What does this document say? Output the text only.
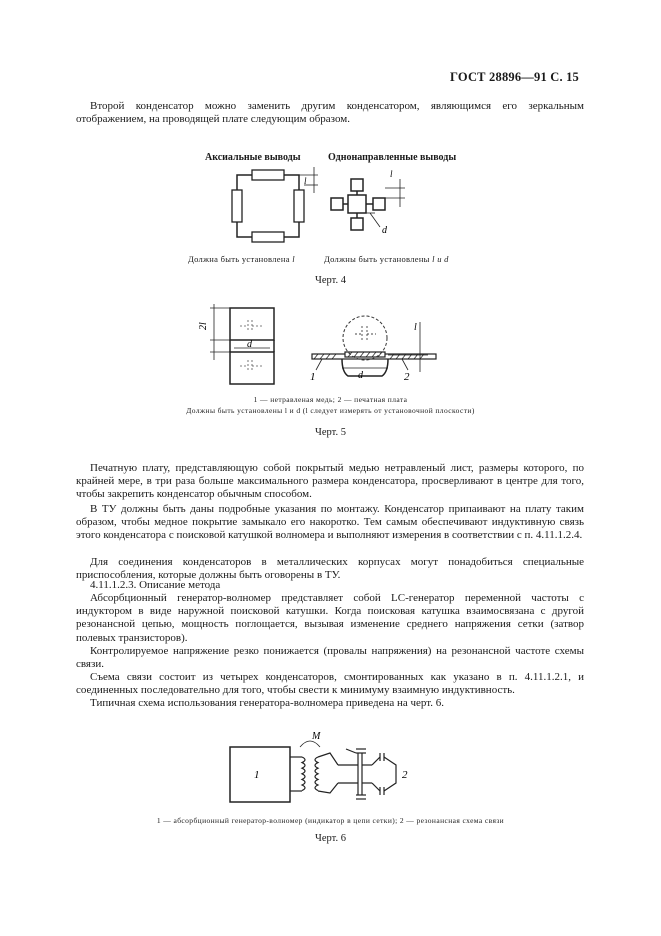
ГОСТ 28896—91 С. 15
Второй конденсатор можно заменить другим конденсатором, являющимся его зеркальным отображением, на проводящей плате следующим образом.
Аксиальные выводы	Однонаправленные выводы
l
l
d
Должна быть установлена l	Должны быть установлены l и d
Черт. 4
d
2l
d
l
1	2
1 — нетравленая медь; 2 — печатная плата
Должны быть установлены l и d (l следует измерять от установочной плоскости)
Черт. 5
Печатную плату, представляющую собой покрытый медью нетравленый лист, размеры которого, по крайней мере, в три раза больше максимального размера конденсатора, просверливают в центре для того, чтобы закрепить конденсатор обычным способом.
В ТУ должны быть даны подробные указания по монтажу. Конденсатор припаивают на плату таким образом, чтобы медное покрытие замыкало его накоротко. Тем самым обеспечивают индуктивную связь этого конденсатора с поисковой катушкой волномера и выполняют измерения в соответствии с п. 4.11.1.2.4.
Для соединения конденсаторов в металлических корпусах могут понадобиться специальные приспособления, которые должны быть оговорены в ТУ.
4.11.1.2.3. Описание метода
Абсорбционный генератор-волномер представляет собой LC-генератор переменной частоты с индуктором в виде наружной поисковой катушки. Когда поисковая катушка взаимосвязана с другой резонансной цепью, мощность поглощается, вызывая изменение среднего напряжения сетки (затвор полевых транзисторов).
Контролируемое напряжение резко понижается (провалы напряжения) на резонансной частоте схемы связи.
Съема связи состоит из четырех конденсаторов, смонтированных как указано в п. 4.11.1.2.1, и соединенных последовательно для того, чтобы свести к минимуму взаимную индуктивность.
Типичная схема использования генератора-волномера приведена на черт. 6.
1
M
2
1 — абсорбционный генератор-волномер (индикатор в цепи сетки); 2 — резонансная схема связи
Черт. 6
